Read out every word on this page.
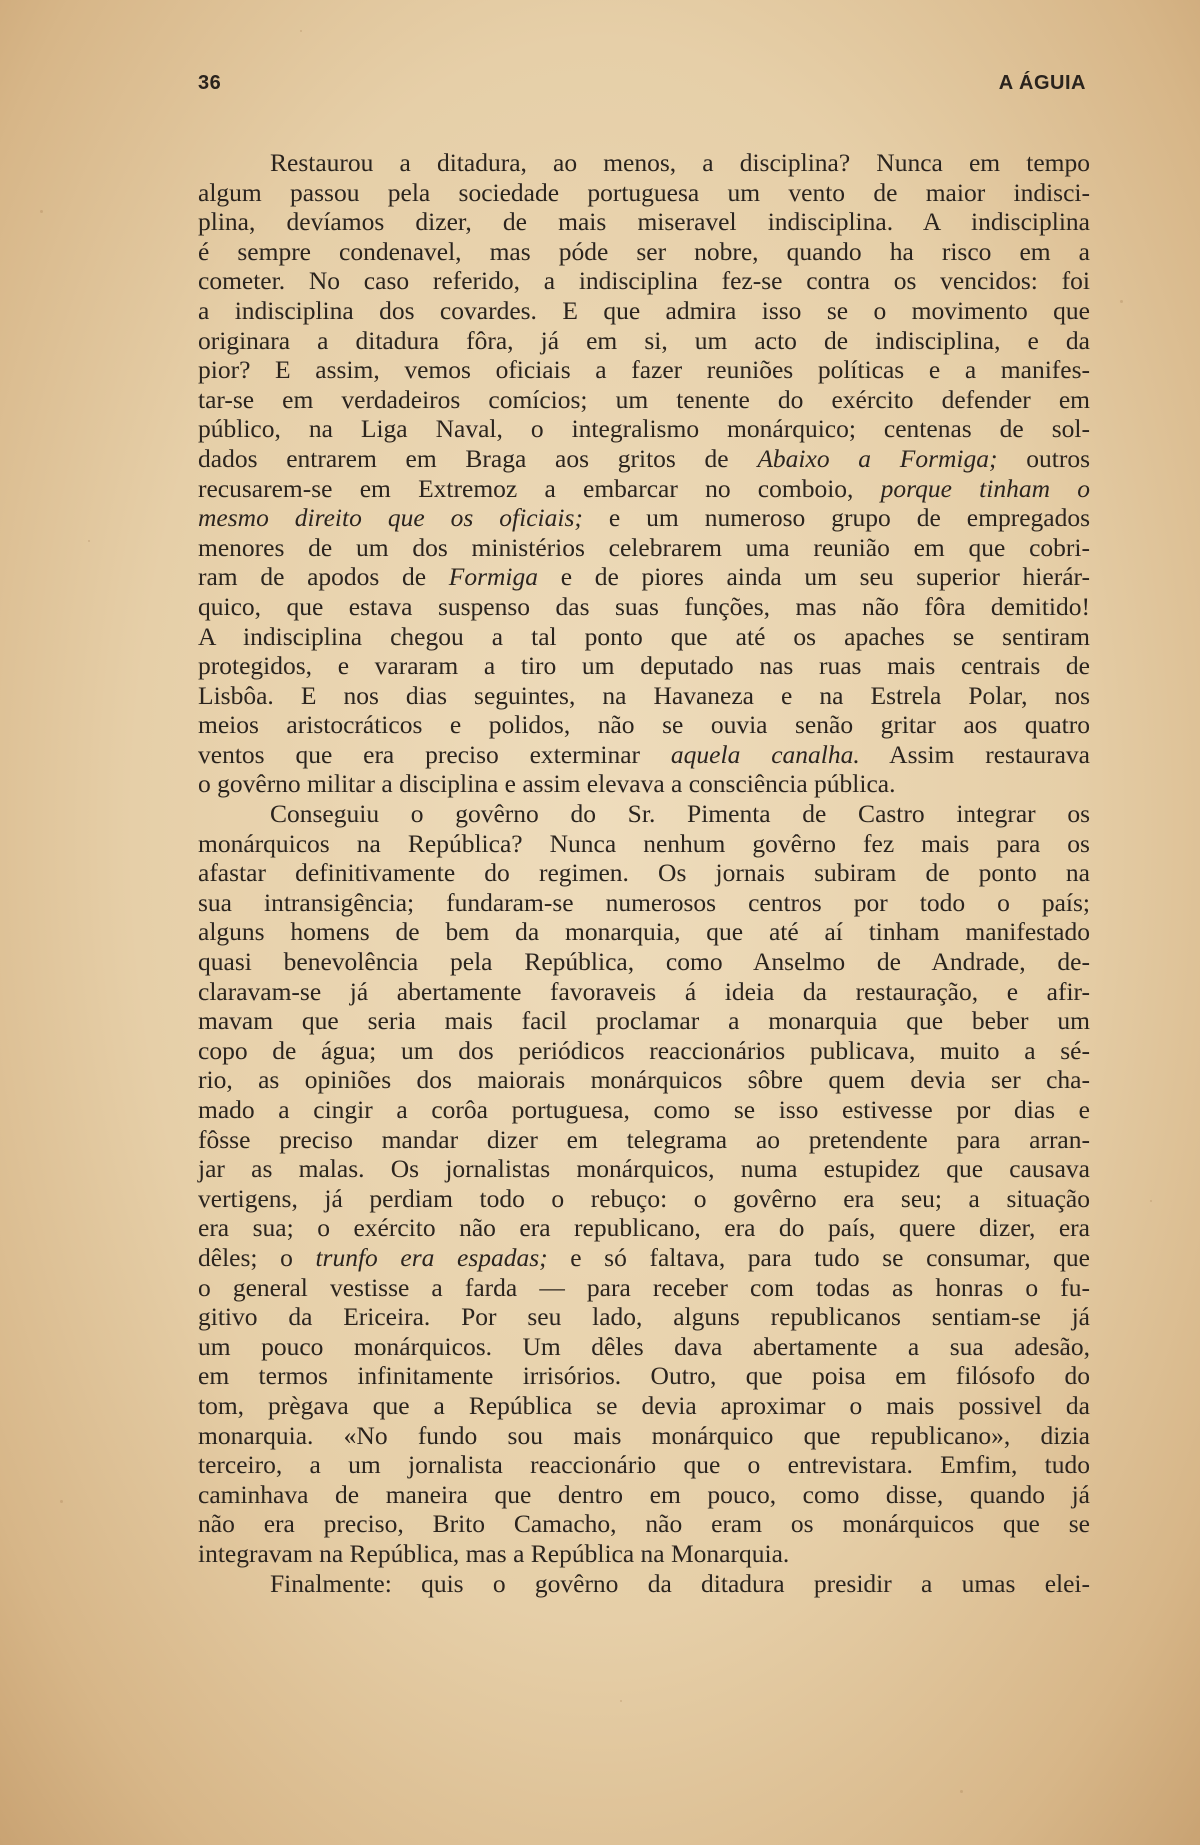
36	A ÁGUIA
Restaurou a ditadura, ao menos, a disciplina? Nunca em tempo
algum passou pela sociedade portuguesa um vento de maior indisci-
plina, devíamos dizer, de mais miseravel indisciplina. A indisciplina
é sempre condenavel, mas póde ser nobre, quando ha risco em a
cometer. No caso referido, a indisciplina fez-se contra os vencidos: foi
a indisciplina dos covardes. E que admira isso se o movimento que
originara a ditadura fôra, já em si, um acto de indisciplina, e da
pior? E assim, vemos oficiais a fazer reuniões políticas e a manifes-
tar-se em verdadeiros comícios; um tenente do exército defender em
público, na Liga Naval, o integralismo monárquico; centenas de sol-
dados entrarem em Braga aos gritos de Abaixo a Formiga; outros
recusarem-se em Extremoz a embarcar no comboio, porque tinham o
mesmo direito que os oficiais; e um numeroso grupo de empregados
menores de um dos ministérios celebrarem uma reunião em que cobri-
ram de apodos de Formiga e de piores ainda um seu superior hierár-
quico, que estava suspenso das suas funções, mas não fôra demitido!
A indisciplina chegou a tal ponto que até os apaches se sentiram
protegidos, e vararam a tiro um deputado nas ruas mais centrais de
Lisbôa. E nos dias seguintes, na Havaneza e na Estrela Polar, nos
meios aristocráticos e polidos, não se ouvia senão gritar aos quatro
ventos que era preciso exterminar aquela canalha. Assim restaurava
o govêrno militar a disciplina e assim elevava a consciência pública.
Conseguiu o govêrno do Sr. Pimenta de Castro integrar os
monárquicos na República? Nunca nenhum govêrno fez mais para os
afastar definitivamente do regimen. Os jornais subiram de ponto na
sua intransigência; fundaram-se numerosos centros por todo o país;
alguns homens de bem da monarquia, que até aí tinham manifestado
quasi benevolência pela República, como Anselmo de Andrade, de-
claravam-se já abertamente favoraveis á ideia da restauração, e afir-
mavam que seria mais facil proclamar a monarquia que beber um
copo de água; um dos periódicos reaccionários publicava, muito a sé-
rio, as opiniões dos maiorais monárquicos sôbre quem devia ser cha-
mado a cingir a corôa portuguesa, como se isso estivesse por dias e
fôsse preciso mandar dizer em telegrama ao pretendente para arran-
jar as malas. Os jornalistas monárquicos, numa estupidez que causava
vertigens, já perdiam todo o rebuço: o govêrno era seu; a situação
era sua; o exército não era republicano, era do país, quere dizer, era
dêles; o trunfo era espadas; e só faltava, para tudo se consumar, que
o general vestisse a farda — para receber com todas as honras o fu-
gitivo da Ericeira. Por seu lado, alguns republicanos sentiam-se já
um pouco monárquicos. Um dêles dava abertamente a sua adesão,
em termos infinitamente irrisórios. Outro, que poisa em filósofo do
tom, prègava que a República se devia aproximar o mais possivel da
monarquia. «No fundo sou mais monárquico que republicano», dizia
terceiro, a um jornalista reaccionário que o entrevistara. Emfim, tudo
caminhava de maneira que dentro em pouco, como disse, quando já
não era preciso, Brito Camacho, não eram os monárquicos que se
integravam na República, mas a República na Monarquia.
Finalmente: quis o govêrno da ditadura presidir a umas elei-
